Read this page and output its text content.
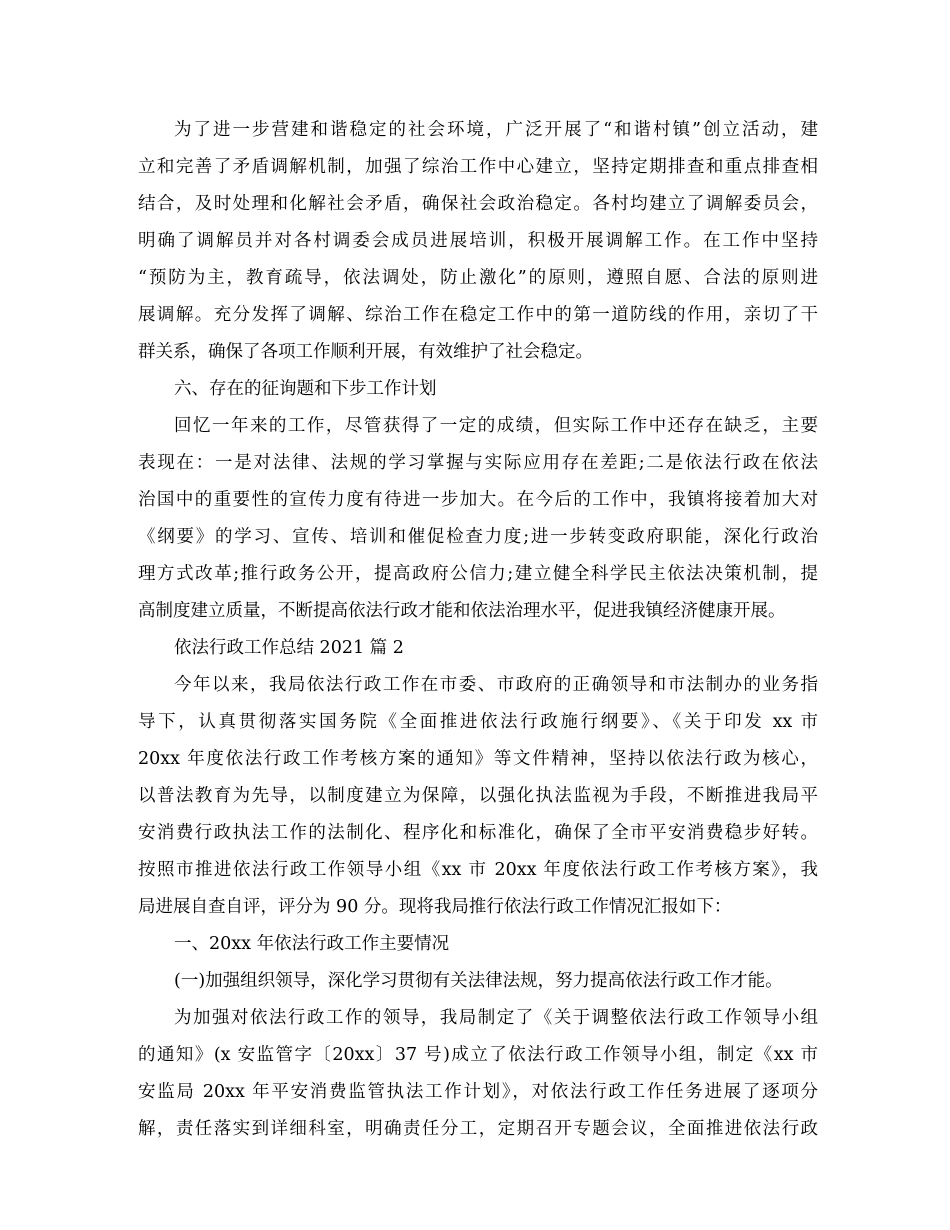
为了进一步营建和谐稳定的社会环境，广泛开展了“和谐村镇”创立活动，建
立和完善了矛盾调解机制，加强了综治工作中心建立，坚持定期排查和重点排查相
结合，及时处理和化解社会矛盾，确保社会政治稳定。各村均建立了调解委员会，
明确了调解员并对各村调委会成员进展培训，积极开展调解工作。在工作中坚持
“预防为主，教育疏导，依法调处，防止激化”的原则，遵照自愿、合法的原则进
展调解。充分发挥了调解、综治工作在稳定工作中的第一道防线的作用，亲切了干
群关系，确保了各项工作顺利开展，有效维护了社会稳定。
六、存在的征询题和下步工作计划
回忆一年来的工作，尽管获得了一定的成绩，但实际工作中还存在缺乏，主要
表现在：一是对法律、法规的学习掌握与实际应用存在差距;二是依法行政在依法
治国中的重要性的宣传力度有待进一步加大。在今后的工作中，我镇将接着加大对
《纲要》的学习、宣传、培训和催促检查力度;进一步转变政府职能，深化行政治
理方式改革;推行政务公开，提高政府公信力;建立健全科学民主依法决策机制，提
高制度建立质量，不断提高依法行政才能和依法治理水平，促进我镇经济健康开展。
依法行政工作总结 2021 篇 2
今年以来，我局依法行政工作在市委、市政府的正确领导和市法制办的业务指
导下，认真贯彻落实国务院《全面推进依法行政施行纲要》、《关于印发 xx 市
20xx 年度依法行政工作考核方案的通知》等文件精神，坚持以依法行政为核心，
以普法教育为先导，以制度建立为保障，以强化执法监视为手段，不断推进我局平
安消费行政执法工作的法制化、程序化和标准化，确保了全市平安消费稳步好转。
按照市推进依法行政工作领导小组《xx 市 20xx 年度依法行政工作考核方案》，我
局进展自查自评，评分为 90 分。现将我局推行依法行政工作情况汇报如下：
一、20xx 年依法行政工作主要情况
(一)加强组织领导，深化学习贯彻有关法律法规，努力提高依法行政工作才能。
为加强对依法行政工作的领导，我局制定了《关于调整依法行政工作领导小组
的通知》(x 安监管字〔20xx〕37 号)成立了依法行政工作领导小组，制定《xx 市
安监局 20xx 年平安消费监管执法工作计划》，对依法行政工作任务进展了逐项分
解，责任落实到详细科室，明确责任分工，定期召开专题会议，全面推进依法行政
